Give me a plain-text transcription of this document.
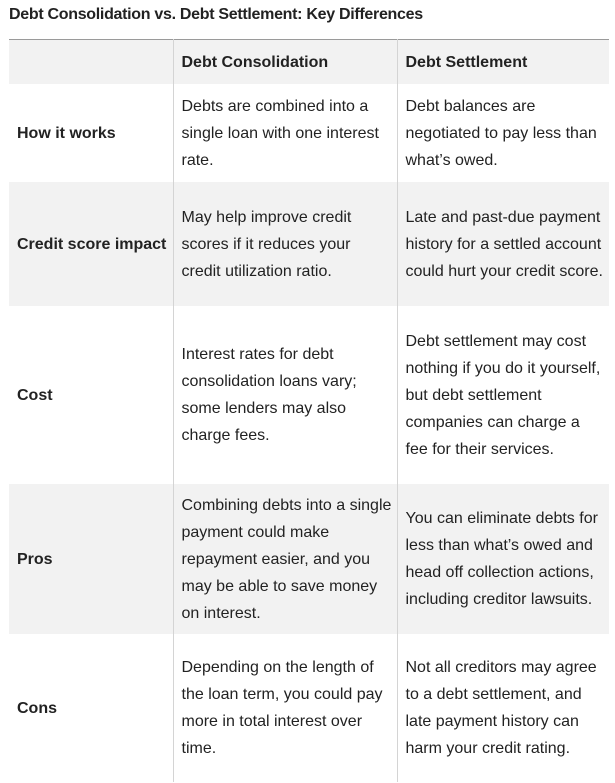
Debt Consolidation vs. Debt Settlement: Key Differences
	Debt Consolidation	Debt Settlement
How it works	Debts are combined into a single loan with one interest rate.	Debt balances are negotiated to pay less than what’s owed.
Credit score impact	May help improve credit scores if it reduces your credit utilization ratio.	Late and past-due payment history for a settled account could hurt your credit score.
Cost	Interest rates for debt consolidation loans vary; some lenders may also charge fees.	Debt settlement may cost nothing if you do it yourself, but debt settlement companies can charge a fee for their services.
Pros	Combining debts into a single payment could make repayment easier, and you may be able to save money on interest.	You can eliminate debts for less than what’s owed and head off collection actions, including creditor lawsuits.
Cons	Depending on the length of the loan term, you could pay more in total interest over time.	Not all creditors may agree to a debt settlement, and late payment history can harm your credit rating.
